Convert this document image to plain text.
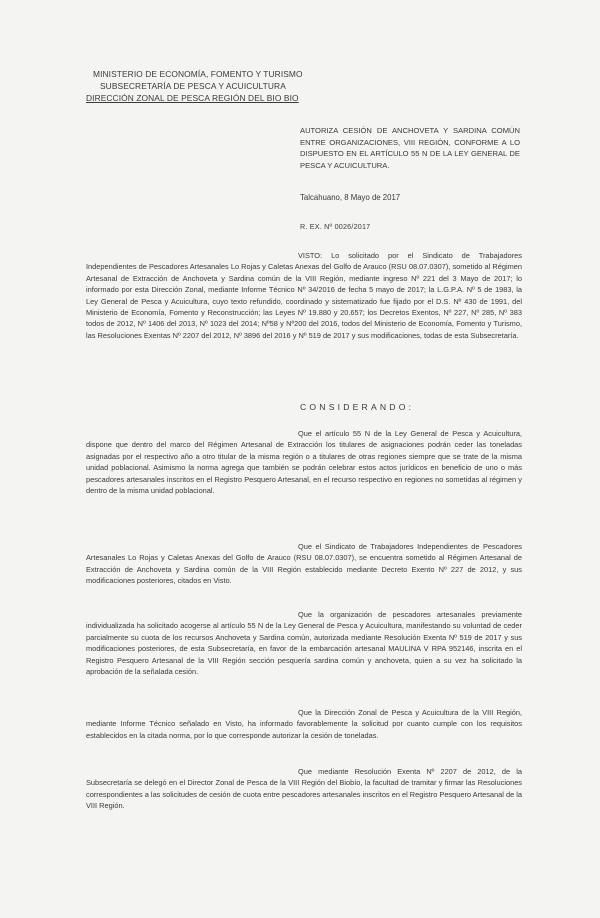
MINISTERIO DE ECONOMÍA, FOMENTO Y TURISMO
SUBSECRETARÍA DE PESCA Y ACUICULTURA
DIRECCIÓN ZONAL DE PESCA REGIÓN DEL BIO BIO
AUTORIZA CESIÓN DE ANCHOVETA Y SARDINA COMÚN ENTRE ORGANIZACIONES, VIII REGIÓN, CONFORME A LO DISPUESTO EN EL ARTÍCULO 55 N DE LA LEY GENERAL DE PESCA Y ACUICULTURA.
Talcahuano, 8 Mayo de 2017
R. EX. Nº 0026/2017
VISTO: Lo solicitado por el Sindicato de Trabajadores Independientes de Pescadores Artesanales Lo Rojas y Caletas Anexas del Golfo de Arauco (RSU 08.07.0307), sometido al Régimen Artesanal de Extracción de Anchoveta y Sardina común de la VIII Región, mediante ingreso Nº 221 del 3 Mayo de 2017; lo informado por esta Dirección Zonal, mediante Informe Técnico Nº 34/2016 de fecha 5 mayo de 2017; la L.G.P.A. Nº 5 de 1983, la Ley General de Pesca y Acuicultura, cuyo texto refundido, coordinado y sistematizado fue fijado por el D.S. Nº 430 de 1991, del Ministerio de Economía, Fomento y Reconstrucción; las Leyes Nº 19.880 y 20.657; los Decretos Exentos, Nº 227, Nº 285, Nº 383 todos de 2012, Nº 1406 del 2013, Nº 1023 del 2014; Nº58 y Nº200 del 2016, todos del Ministerio de Economía, Fomento y Turismo, las Resoluciones Exentas Nº 2207 del 2012, Nº 3896 del 2016 y Nº 519 de 2017 y sus modificaciones, todas de esta Subsecretaría.
CONSIDERANDO:
Que el artículo 55 N de la Ley General de Pesca y Acuicultura, dispone que dentro del marco del Régimen Artesanal de Extracción los titulares de asignaciones podrán ceder las toneladas asignadas por el respectivo año a otro titular de la misma región o a titulares de otras regiones siempre que se trate de la misma unidad poblacional. Asimismo la norma agrega que también se podrán celebrar estos actos jurídicos en beneficio de uno o más pescadores artesanales inscritos en el Registro Pesquero Artesanal, en el recurso respectivo en regiones no sometidas al régimen y dentro de la misma unidad poblacional.
Que el Sindicato de Trabajadores Independientes de Pescadores Artesanales Lo Rojas y Caletas Anexas del Golfo de Arauco (RSU 08.07.0307), se encuentra sometido al Régimen Artesanal de Extracción de Anchoveta y Sardina común de la VIII Región establecido mediante Decreto Exento Nº 227 de 2012, y sus modificaciones posteriores, citados en Visto.
Que la organización de pescadores artesanales previamente individualizada ha solicitado acogerse al artículo 55 N de la Ley General de Pesca y Acuicultura, manifestando su voluntad de ceder parcialmente su cuota de los recursos Anchoveta y Sardina común, autorizada mediante Resolución Exenta Nº 519 de 2017 y sus modificaciones posteriores, de esta Subsecretaría, en favor de la embarcación artesanal MAULINA V RPA 952146, inscrita en el Registro Pesquero Artesanal de la VIII Región sección pesquería sardina común y anchoveta, quien a su vez ha solicitado la aprobación de la señalada cesión.
Que la Dirección Zonal de Pesca y Acuicultura de la VIII Región, mediante Informe Técnico señalado en Visto, ha informado favorablemente la solicitud por cuanto cumple con los requisitos establecidos en la citada norma, por lo que corresponde autorizar la cesión de toneladas.
Que mediante Resolución Exenta Nº 2207 de 2012, de la Subsecretaría se delegó en el Director Zonal de Pesca de la VIII Región del Biobío, la facultad de tramitar y firmar las Resoluciones correspondientes a las solicitudes de cesión de cuota entre pescadores artesanales inscritos en el Registro Pesquero Artesanal de la VIII Región.
